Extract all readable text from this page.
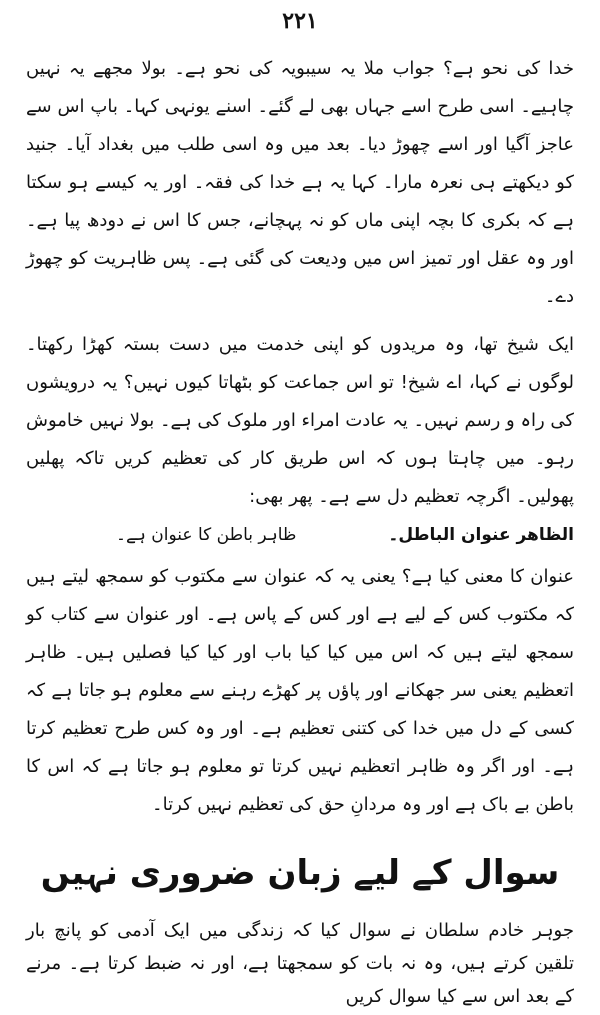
۲۲۱

خدا کی نحو ہے؟ جواب ملا یہ سیبویہ کی نحو ہے۔ بولا مجھے یہ نہیں چاہیے۔ اسی طرح اسے جہاں بھی لے گئے۔ اسنے یونہی کہا۔ باپ اس سے عاجز آگیا اور اسے چھوڑ دیا۔ بعد میں وہ اسی طلب میں بغداد آیا۔ جنید کو دیکھتے ہی نعرہ مارا۔ کہا یہ ہے خدا کی فقہ۔ اور یہ کیسے ہو سکتا ہے کہ بکری کا بچہ اپنی ماں کو نہ پہچانے، جس کا اس نے دودھ پیا ہے۔ اور وہ عقل اور تمیز اس میں ودیعت کی گئی ہے۔ پس ظاہریت کو چھوڑ دے۔

ایک شیخ تھا، وہ مریدوں کو اپنی خدمت میں دست بستہ کھڑا رکھتا۔ لوگوں نے کہا، اے شیخ! تو اس جماعت کو بٹھاتا کیوں نہیں؟ یہ درویشوں کی راہ و رسم نہیں۔ یہ عادت امراء اور ملوک کی ہے۔ بولا نہیں خاموش رہو۔ میں چاہتا ہوں کہ اس طریق کار کی تعظیم کریں تاکہ پھلیں پھولیں۔ اگرچہ تعظیم دل سے ہے۔ پھر بھی:

الظاھر عنوان الباطل۔
ظاہر باطن کا عنوان ہے۔

عنوان کا معنی کیا ہے؟ یعنی یہ کہ عنوان سے مکتوب کو سمجھ لیتے ہیں کہ مکتوب کس کے لیے ہے اور کس کے پاس ہے۔ اور عنوان سے کتاب کو سمجھ لیتے ہیں کہ اس میں کیا کیا باب اور کیا کیا فصلیں ہیں۔ ظاہر اتعظیم یعنی سر جھکانے اور پاؤں پر کھڑے رہنے سے معلوم ہو جاتا ہے کہ کسی کے دل میں خدا کی کتنی تعظیم ہے۔ اور وہ کس طرح تعظیم کرتا ہے۔ اور اگر وہ ظاہر اتعظیم نہیں کرتا تو معلوم ہو جاتا ہے کہ اس کا باطن بے باک ہے اور وہ مردانِ حق کی تعظیم نہیں کرتا۔

سوال کے لیے زبان ضروری نہیں
جوہر خادم سلطان نے سوال کیا کہ زندگی میں ایک آدمی کو پانچ بار تلقین کرتے ہیں، وہ نہ بات کو سمجھتا ہے، اور نہ ضبط کرتا ہے۔ مرنے کے بعد اس سے کیا سوال کریں
